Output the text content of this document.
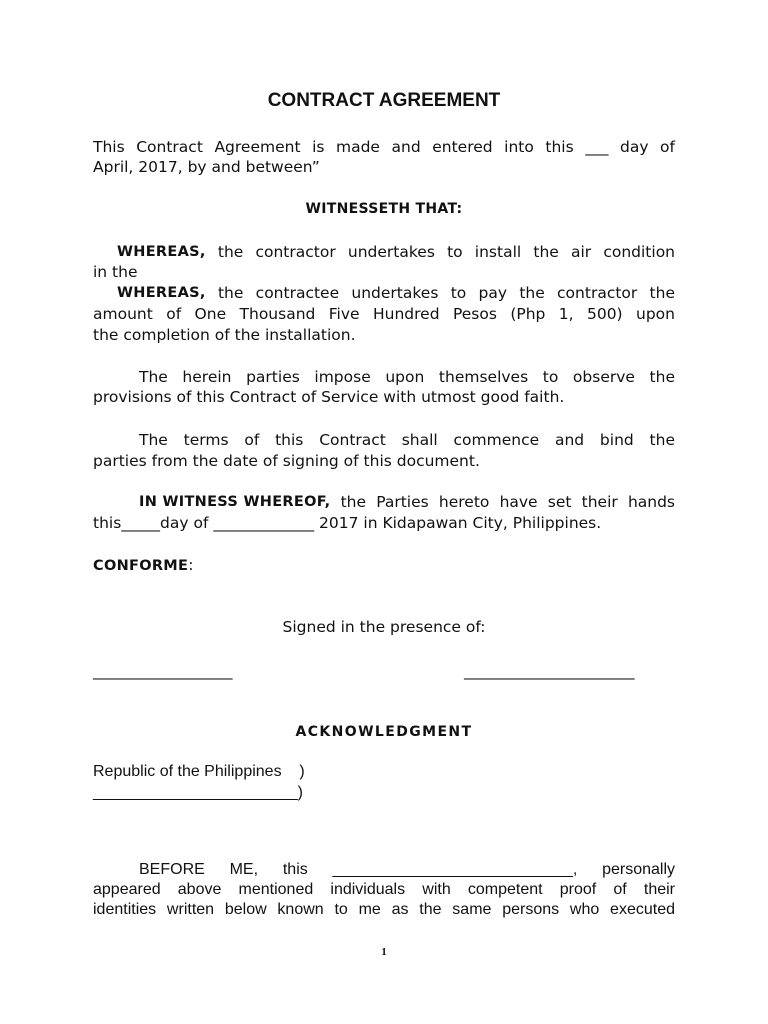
CONTRACT AGREEMENT
This Contract Agreement is made and entered into this ___ day of
April, 2017, by and between”
WITNESSETH THAT:
WHEREAS, the contractor undertakes to install the air condition
in the
WHEREAS, the contractee undertakes to pay the contractor the
amount of One Thousand Five Hundred Pesos (Php 1, 500) upon
the completion of the installation.
The herein parties impose upon themselves to observe the
provisions of this Contract of Service with utmost good faith.
The terms of this Contract shall commence and bind the
parties from the date of signing of this document.
IN WITNESS WHEREOF, the Parties hereto have set their hands
this_____day of _____________ 2017 in Kidapawan City, Philippines.
CONFORME:
Signed in the presence of:
__________________	______________________
ACKNOWLEDGMENT
Republic of the Philippines    )
_______________________)
BEFORE  ME,  this  ___________________________,  personally
appeared above mentioned individuals with competent proof of their
identities written below known to me as the same persons who executed
1
